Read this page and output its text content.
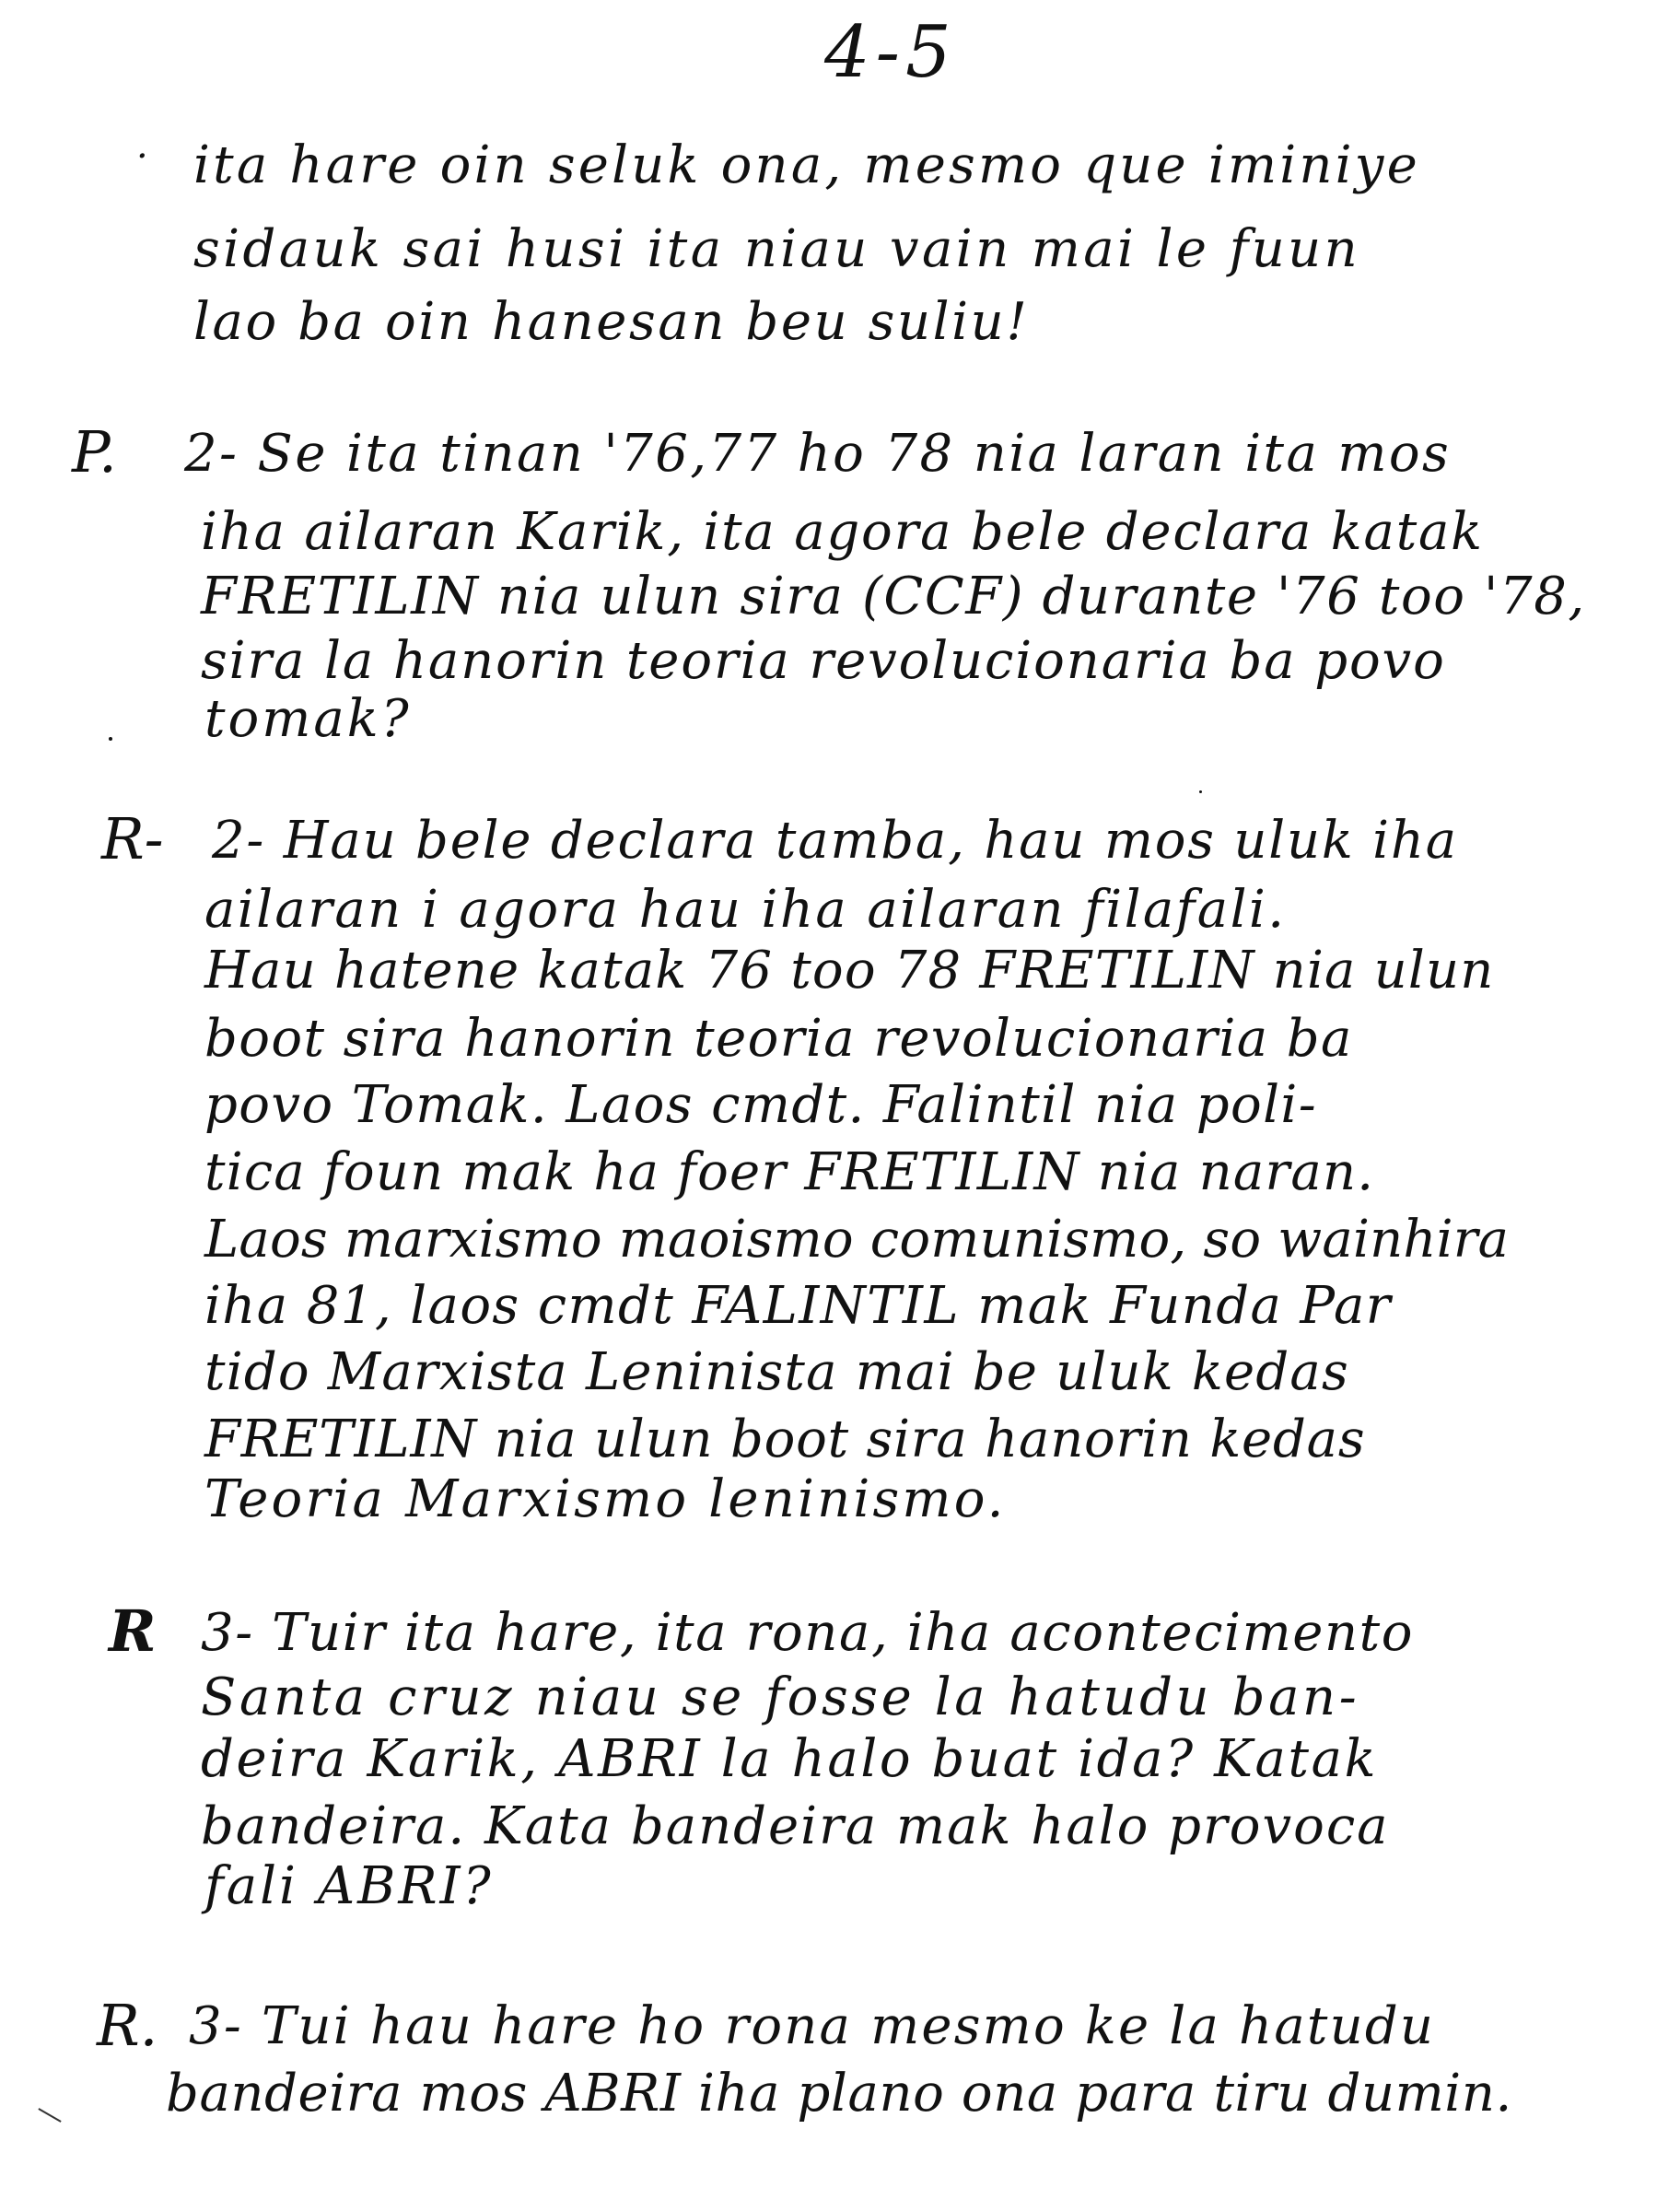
4-5
· ita hare oin seluk ona, mesmo que iminiye
sidauk sai husi ita niau vain mai le fuun
lao ba oin hanesan beu suliu!
P. 2- Se ita tinan '76,77 ho 78 nia laran ita mos
iha ailaran Karik, ita agora bele declara katak
FRETILIN nia ulun sira (CCF) durante '76 too '78,
sira la hanorin teoria revolucionaria ba povo
tomak?
R- 2- Hau bele declara tamba, hau mos uluk iha
ailaran i agora hau iha ailaran filafali.
Hau hatene katak 76 too 78 FRETILIN nia ulun
boot sira hanorin teoria revolucionaria ba
povo Tomak. Laos cmdt. Falintil nia poli-
tica foun mak ha foer FRETILIN nia naran.
Laos marxismo maoismo comunismo, so wainhira
iha 81, laos cmdt FALINTIL mak Funda Par
tido Marxista Leninista mai be uluk kedas
FRETILIN nia ulun boot sira hanorin kedas
Teoria Marxismo leninismo.
R 3- Tuir ita hare, ita rona, iha acontecimento
Santa cruz niau se fosse la hatudu ban-
deira Karik, ABRI la halo buat ida? Katak
bandeira. Kata bandeira mak halo provoca
fali ABRI?
R. 3- Tui hau hare ho rona mesmo ke la hatudu
bandeira mos ABRI iha plano ona para tiru dumin.
